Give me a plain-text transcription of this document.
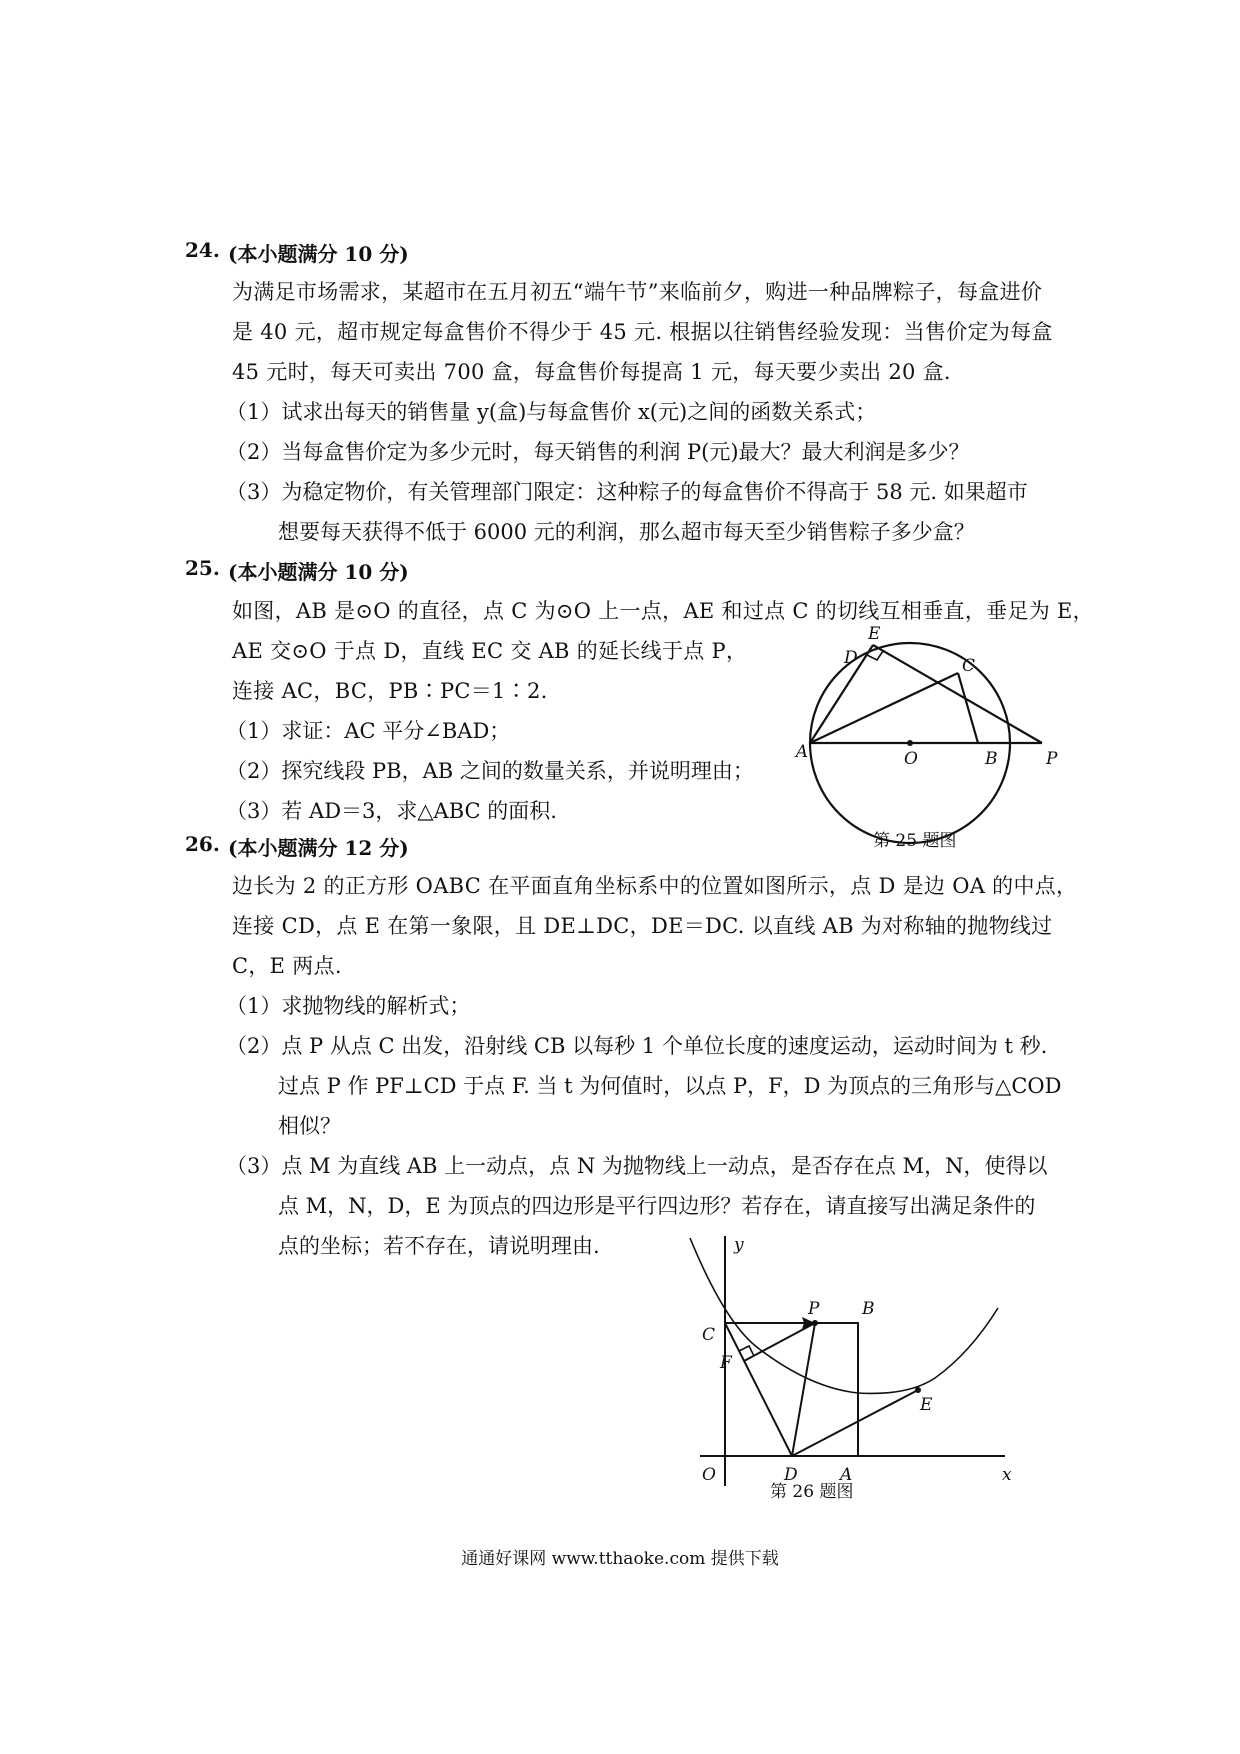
24. (本小题满分 10 分)
为满足市场需求，某超市在五月初五“端午节”来临前夕，购进一种品牌粽子，每盒进价
是 40 元，超市规定每盒售价不得少于 45 元. 根据以往销售经验发现：当售价定为每盒
45 元时，每天可卖出 700 盒，每盒售价每提高 1 元，每天要少卖出 20 盒.
（1）试求出每天的销售量 y(盒)与每盒售价 x(元)之间的函数关系式；
（2）当每盒售价定为多少元时，每天销售的利润 P(元)最大？最大利润是多少？
（3）为稳定物价，有关管理部门限定：这种粽子的每盒售价不得高于 58 元. 如果超市
想要每天获得不低于 6000 元的利润，那么超市每天至少销售粽子多少盒？
25. (本小题满分 10 分)
如图，AB 是⊙O 的直径，点 C 为⊙O 上一点，AE 和过点 C 的切线互相垂直，垂足为 E，
AE 交⊙O 于点 D，直线 EC 交 AB 的延长线于点 P，
连接 AC，BC，PB∶PC＝1∶2.
（1）求证：AC 平分∠BAD；
（2）探究线段 PB，AB 之间的数量关系，并说明理由；
（3）若 AD＝3，求△ABC 的面积.
A	O	B	P
C
D
E
第 25 题图
26. (本小题满分 12 分)
边长为 2 的正方形 OABC 在平面直角坐标系中的位置如图所示，点 D 是边 OA 的中点，
连接 CD，点 E 在第一象限，且 DE⊥DC，DE＝DC. 以直线 AB 为对称轴的抛物线过
C，E 两点.
（1）求抛物线的解析式；
（2）点 P 从点 C 出发，沿射线 CB 以每秒 1 个单位长度的速度运动，运动时间为 t 秒.
过点 P 作 PF⊥CD 于点 F. 当 t 为何值时，以点 P，F，D 为顶点的三角形与△COD
相似？
（3）点 M 为直线 AB 上一动点，点 N 为抛物线上一动点，是否存在点 M，N，使得以
点 M，N，D，E 为顶点的四边形是平行四边形？若存在，请直接写出满足条件的
点的坐标；若不存在，请说明理由.	y
x
O
C
B
A
D
E
P
F
第 26 题图
通通好课网 www.tthaoke.com 提供下载
